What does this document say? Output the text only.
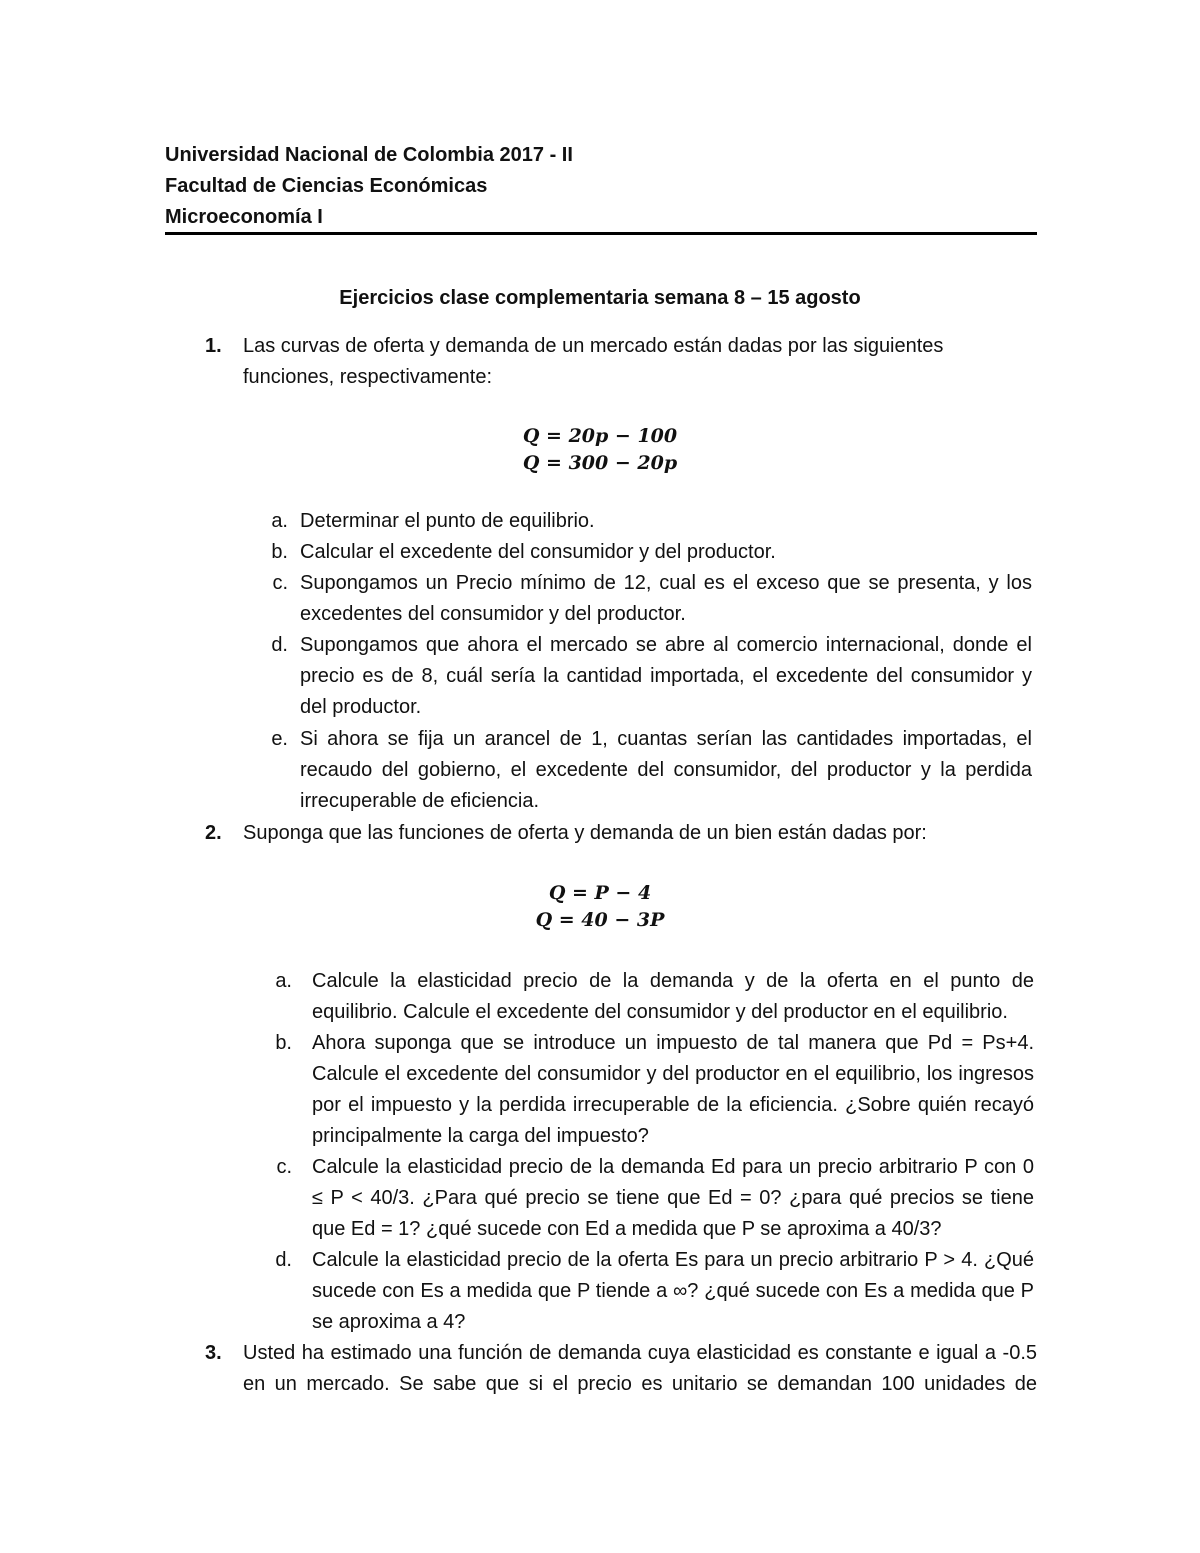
Universidad Nacional de Colombia 2017 - II
Facultad de Ciencias Económicas
Microeconomía I
Ejercicios clase complementaria semana 8 – 15 agosto
1. Las curvas de oferta y demanda de un mercado están dadas por las siguientes funciones, respectivamente:
Q = 20p − 100
Q = 300 − 20p
a. Determinar el punto de equilibrio.
b. Calcular el excedente del consumidor y del productor.
c. Supongamos un Precio mínimo de 12, cual es el exceso que se presenta, y los excedentes del consumidor y del productor.
d. Supongamos que ahora el mercado se abre al comercio internacional, donde el precio es de 8, cuál sería la cantidad importada, el excedente del consumidor y del productor.
e. Si ahora se fija un arancel de 1, cuantas serían las cantidades importadas, el recaudo del gobierno, el excedente del consumidor, del productor y la perdida irrecuperable de eficiencia.
2. Suponga que las funciones de oferta y demanda de un bien están dadas por:
Q = P − 4
Q = 40 − 3P
a. Calcule la elasticidad precio de la demanda y de la oferta en el punto de equilibrio. Calcule el excedente del consumidor y del productor en el equilibrio.
b. Ahora suponga que se introduce un impuesto de tal manera que Pd = Ps+4. Calcule el excedente del consumidor y del productor en el equilibrio, los ingresos por el impuesto y la perdida irrecuperable de la eficiencia. ¿Sobre quién recayó principalmente la carga del impuesto?
c. Calcule la elasticidad precio de la demanda Ed para un precio arbitrario P con 0 ≤ P < 40/3. ¿Para qué precio se tiene que Ed = 0? ¿para qué precios se tiene que Ed = 1? ¿qué sucede con Ed a medida que P se aproxima a 40/3?
d. Calcule la elasticidad precio de la oferta Es para un precio arbitrario P > 4. ¿Qué sucede con Es a medida que P tiende a ∞? ¿qué sucede con Es a medida que P se aproxima a 4?
3. Usted ha estimado una función de demanda cuya elasticidad es constante e igual a -0.5 en un mercado. Se sabe que si el precio es unitario se demandan 100 unidades de
